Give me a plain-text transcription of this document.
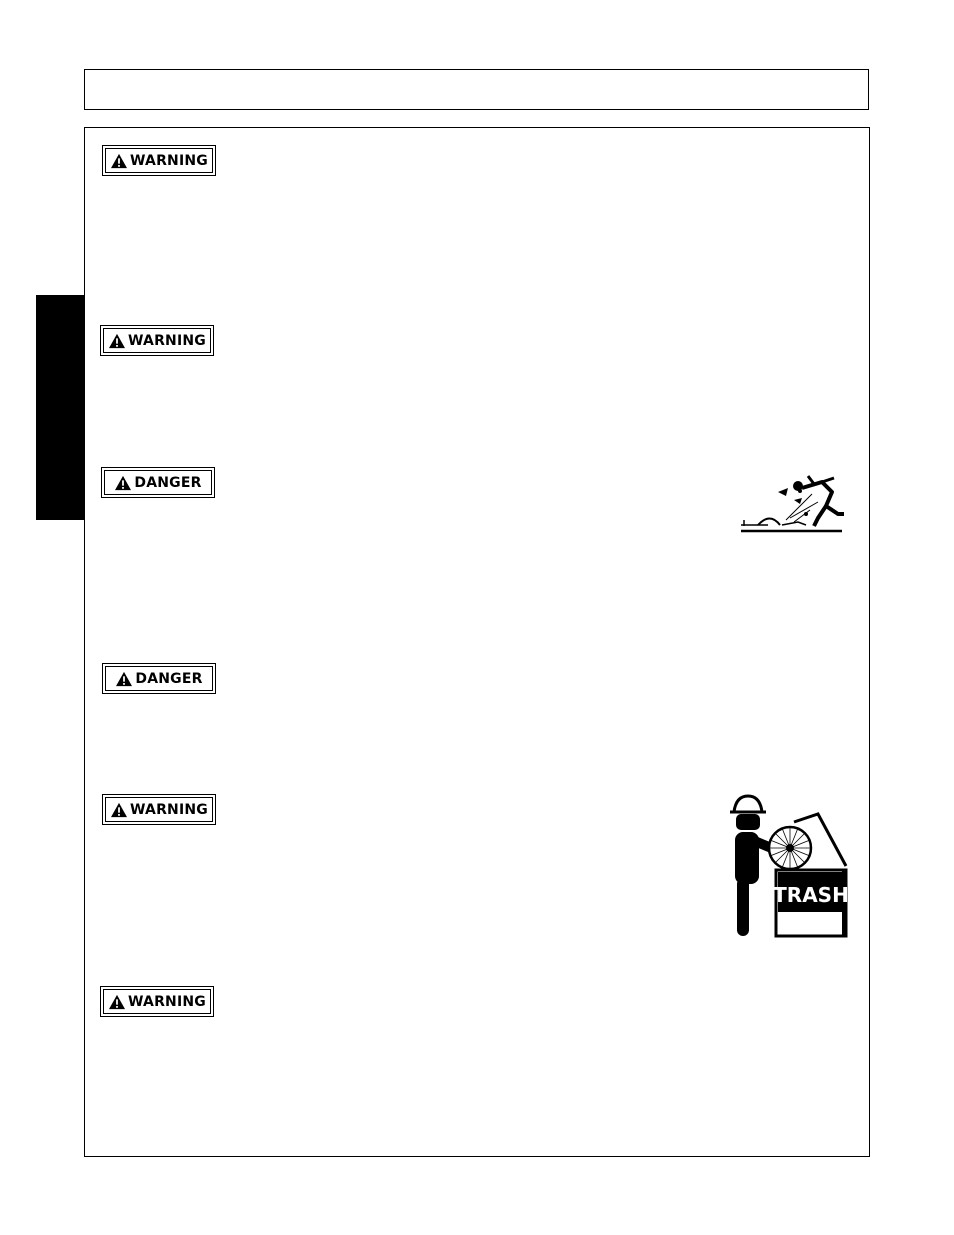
WARNING
WARNING
DANGER
DANGER
WARNING
WARNING
TRASH
